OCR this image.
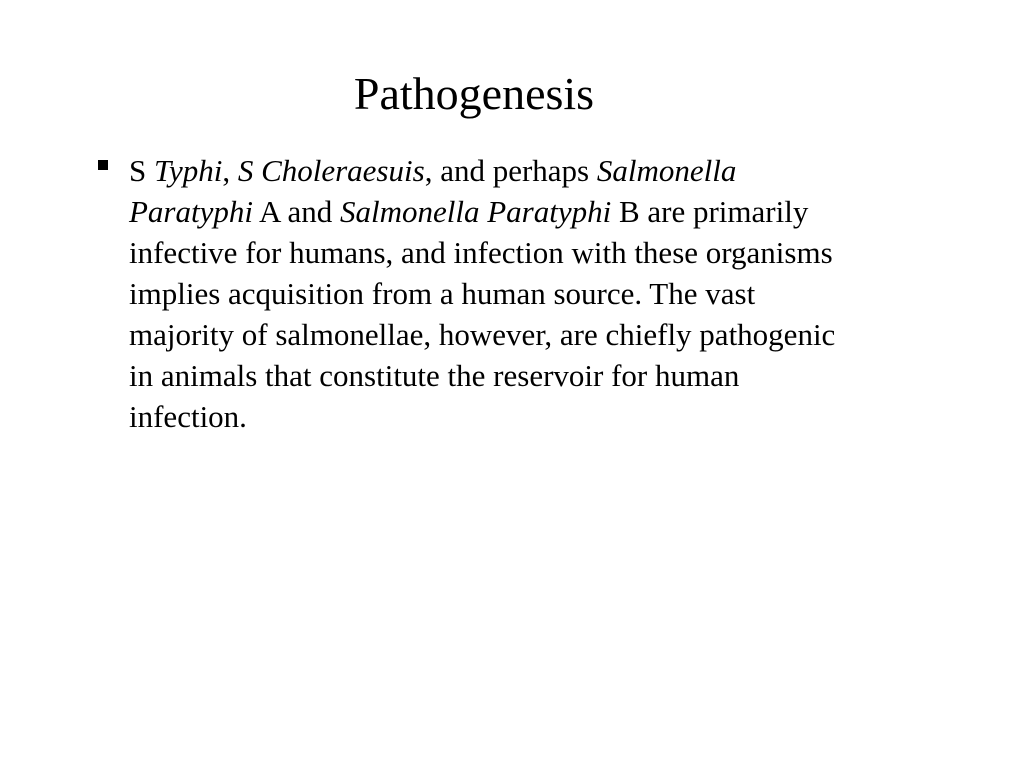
Pathogenesis
S Typhi, S Choleraesuis, and perhaps Salmonella
Paratyphi A and Salmonella Paratyphi B are primarily
infective for humans, and infection with these organisms
implies acquisition from a human source. The vast
majority of salmonellae, however, are chiefly pathogenic
in animals that constitute the reservoir for human
infection.
